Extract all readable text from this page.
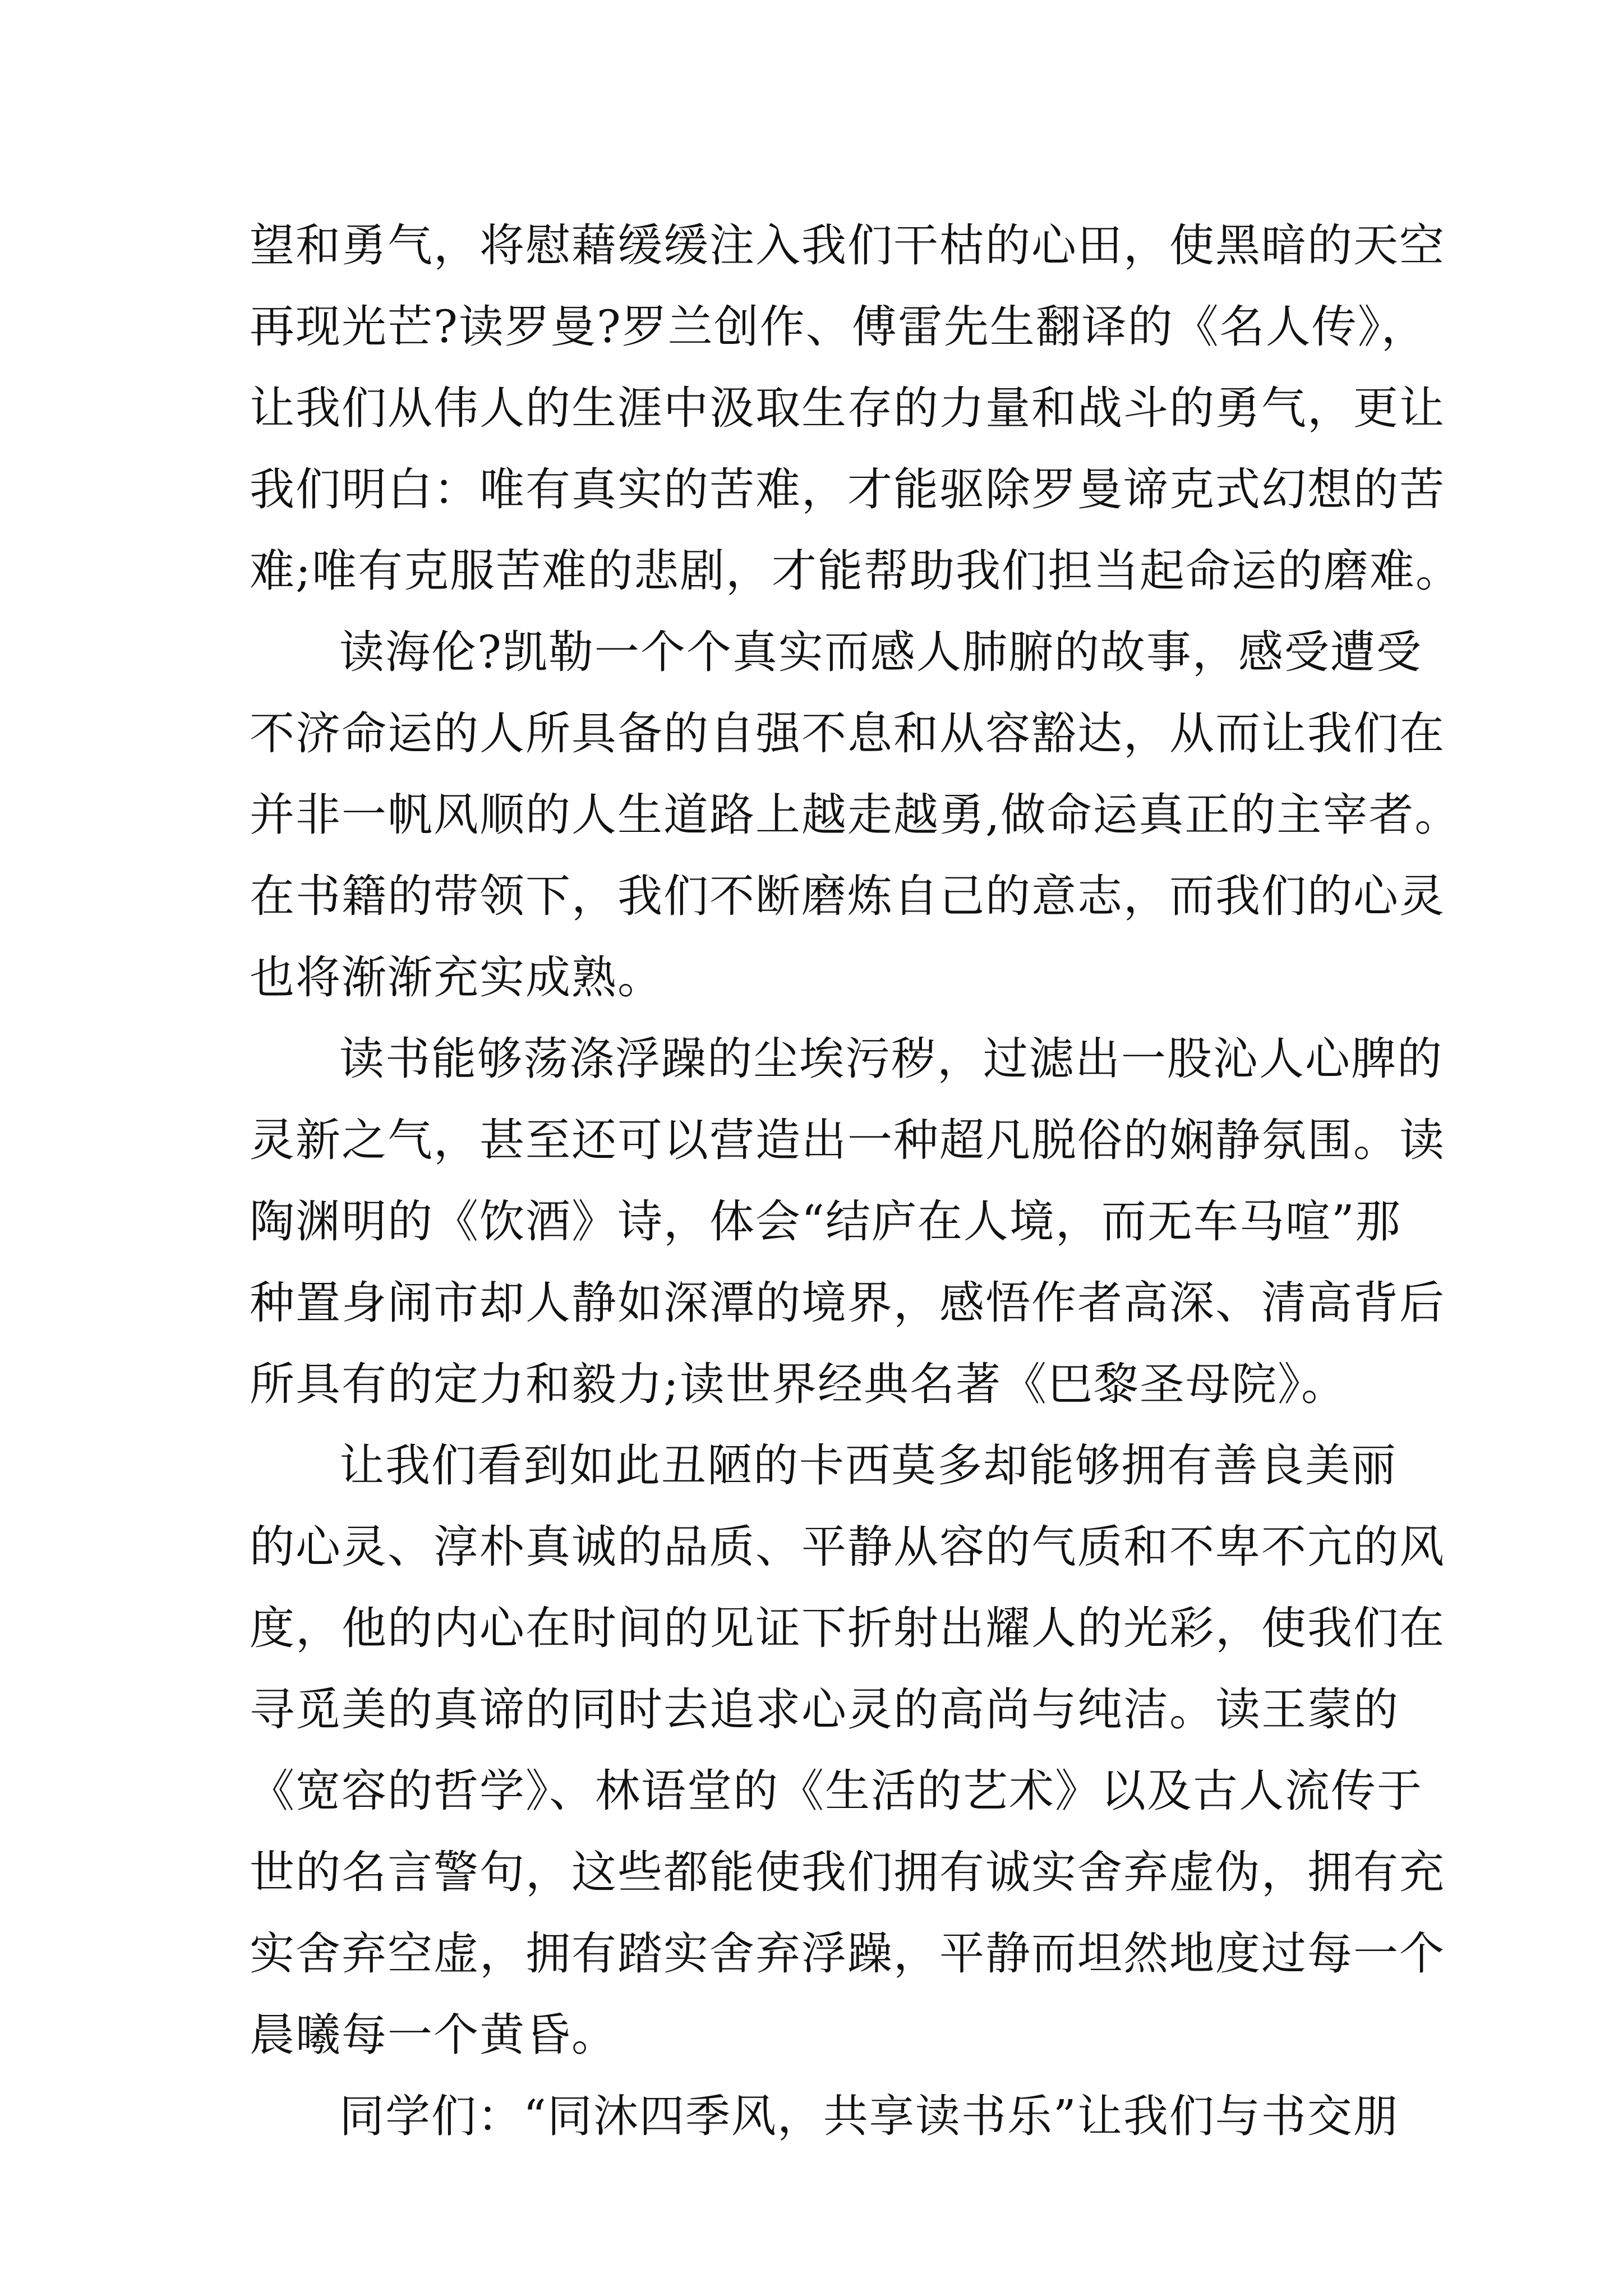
望和勇气，将慰藉缓缓注入我们干枯的心田，使黑暗的天空
再现光芒?读罗曼?罗兰创作、傅雷先生翻译的《名人传》，
让我们从伟人的生涯中汲取生存的力量和战斗的勇气，更让
我们明白：唯有真实的苦难，才能驱除罗曼谛克式幻想的苦
难;唯有克服苦难的悲剧，才能帮助我们担当起命运的磨难。
读海伦?凯勒一个个真实而感人肺腑的故事，感受遭受
不济命运的人所具备的自强不息和从容豁达，从而让我们在
并非一帆风顺的人生道路上越走越勇,做命运真正的主宰者。
在书籍的带领下，我们不断磨炼自己的意志，而我们的心灵
也将渐渐充实成熟。
读书能够荡涤浮躁的尘埃污秽，过滤出一股沁人心脾的
灵新之气，甚至还可以营造出一种超凡脱俗的娴静氛围。读
陶渊明的《饮酒》诗，体会“结庐在人境，而无车马喧”那
种置身闹市却人静如深潭的境界，感悟作者高深、清高背后
所具有的定力和毅力;读世界经典名著《巴黎圣母院》。
让我们看到如此丑陋的卡西莫多却能够拥有善良美丽
的心灵、淳朴真诚的品质、平静从容的气质和不卑不亢的风
度，他的内心在时间的见证下折射出耀人的光彩，使我们在
寻觅美的真谛的同时去追求心灵的高尚与纯洁。读王蒙的
《宽容的哲学》、林语堂的《生活的艺术》以及古人流传于
世的名言警句，这些都能使我们拥有诚实舍弃虚伪，拥有充
实舍弃空虚，拥有踏实舍弃浮躁，平静而坦然地度过每一个
晨曦每一个黄昏。
同学们：“同沐四季风，共享读书乐”让我们与书交朋
